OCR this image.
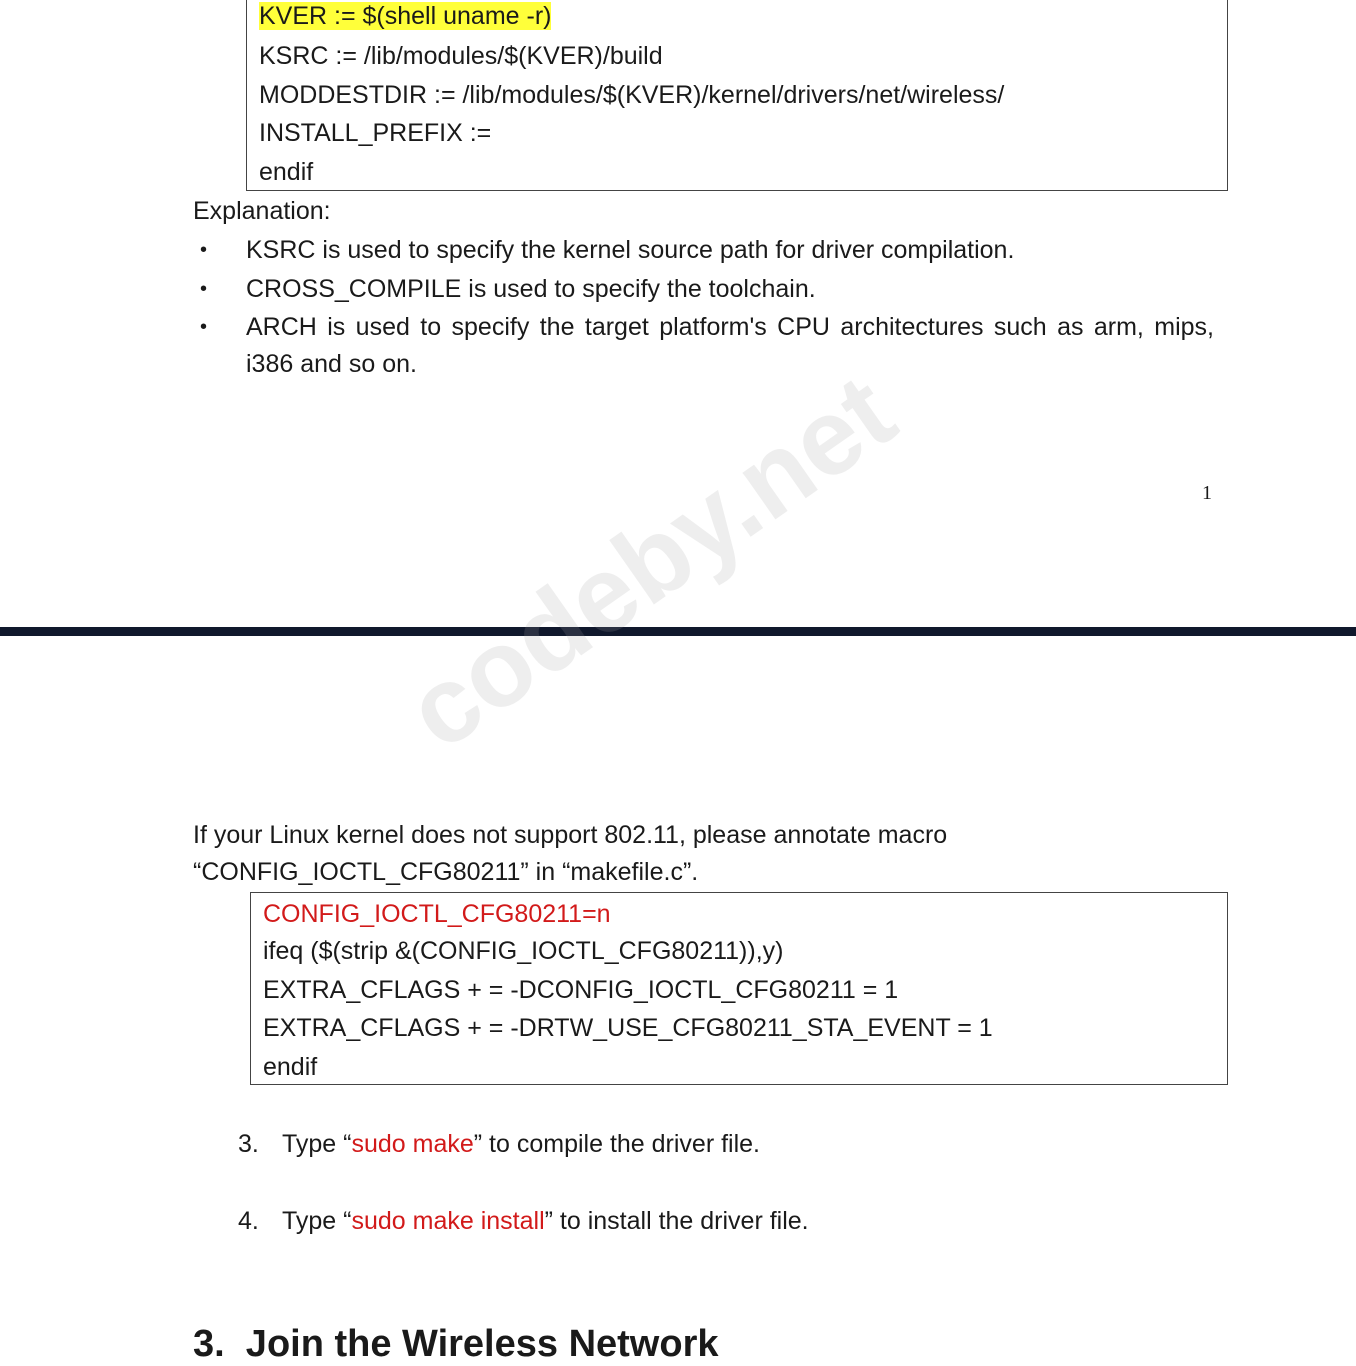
KVER := $(shell uname -r)
KSRC := /lib/modules/$(KVER)/build
MODDESTDIR := /lib/modules/$(KVER)/kernel/drivers/net/wireless/
INSTALL_PREFIX :=
endif
Explanation:
• KSRC is used to specify the kernel source path for driver compilation.
• CROSS_COMPILE is used to specify the toolchain.
• ARCH is used to specify the target platform's CPU architectures such as arm, mips,
i386 and so on.
1
codeby.net
If your Linux kernel does not support 802.11, please annotate macro
“CONFIG_IOCTL_CFG80211” in “makefile.c”.
CONFIG_IOCTL_CFG80211=n
ifeq ($(strip &(CONFIG_IOCTL_CFG80211)),y)
EXTRA_CFLAGS + = -DCONFIG_IOCTL_CFG80211 = 1
EXTRA_CFLAGS + = -DRTW_USE_CFG80211_STA_EVENT = 1
endif
3. Type “sudo make” to compile the driver file.
4. Type “sudo make install” to install the driver file.
3.  Join the Wireless Network
